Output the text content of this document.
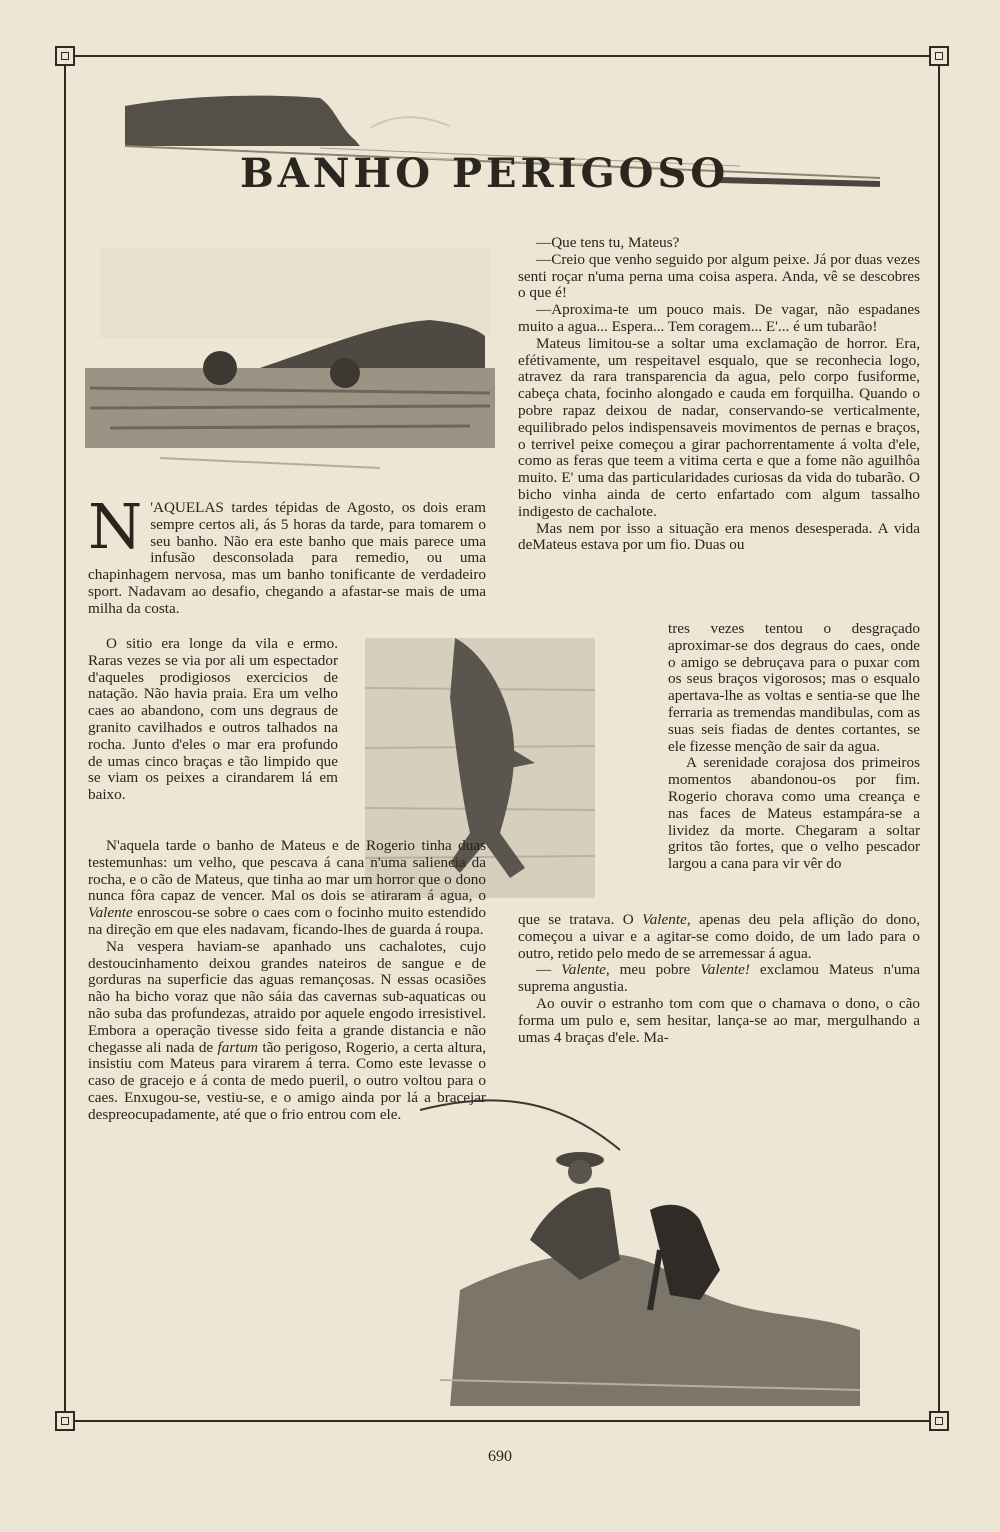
BANHO PERIGOSO

N 'AQUELAS tardes tépidas de Agosto, os dois eram sempre certos ali, ás 5 horas da tarde, para tomarem o seu banho. Não era este banho que mais parece uma infusão desconsolada para remedio, ou uma chapinhagem nervosa, mas um banho tonificante de verdadeiro sport. Nadavam ao desafio, chegando a afastar-se mais de uma milha da costa.

O sitio era longe da vila e ermo. Raras vezes se via por ali um espectador d'aqueles prodigiosos exercicios de natação. Não havia praia. Era um velho caes ao abandono, com uns degraus de granito cavilhados e outros talhados na rocha. Junto d'eles o mar era profundo de umas cinco braças e tão limpido que se viam os peixes a cirandarem lá em baixo.

N'aquela tarde o banho de Mateus e de Rogerio tinha duas testemunhas: um velho, que pescava á cana n'uma saliencia da rocha, e o cão de Mateus, que tinha ao mar um horror que o dono nunca fôra capaz de vencer. Mal os dois se atiraram á agua, o Valente enroscou-se sobre o caes com o focinho muito estendido na direção em que eles nadavam, ficando-lhes de guarda á roupa.

Na vespera haviam-se apanhado uns cachalotes, cujo destoucinhamento deixou grandes nateiros de sangue e de gorduras na superficie das aguas remançosas. N essas ocasiões não ha bicho voraz que não sáia das cavernas sub-aquaticas ou não suba das profundezas, atraido por aquele engodo irresistivel. Embora a operação tivesse sido feita a grande distancia e não chegasse ali nada de fartum tão perigoso, Rogerio, a certa altura, insistiu com Mateus para virarem á terra. Como este levasse o caso de gracejo e á conta de medo pueril, o outro voltou para o caes. Enxugou-se, vestiu-se, e o amigo ainda por lá a bracejar despreocupadamente, até que o frio entrou com ele.

—Que tens tu, Mateus?

—Creio que venho seguido por algum peixe. Já por duas vezes senti roçar n'uma perna uma coisa aspera. Anda, vê se descobres o que é!

—Aproxima-te um pouco mais. De vagar, não espadanes muito a agua... Espera... Tem coragem... E'... é um tubarão!

Mateus limitou-se a soltar uma exclamação de horror. Era, efétivamente, um respeitavel esqualo, que se reconhecia logo, atravez da rara transparencia da agua, pelo corpo fusiforme, cabeça chata, focinho alongado e cauda em forquilha. Quando o pobre rapaz deixou de nadar, conservando-se verticalmente, equilibrado pelos indispensaveis movimentos de pernas e braços, o terrivel peixe começou a girar pachorrentamente á volta d'ele, como as feras que teem a vitima certa e que a fome não aguilhôa muito. E' uma das particularidades curiosas da vida do tubarão. O bicho vinha ainda de certo enfartado com algum tassalho indigesto de cachalote.

Mas nem por isso a situação era menos desesperada. A vida deMateus estava por um fio. Duas ou

tres vezes tentou o desgraçado aproximar-se dos degraus do caes, onde o amigo se debruçava para o puxar com os seus braços vigorosos; mas o esqualo apertava-lhe as voltas e sentia-se que lhe ferraria as tremendas mandibulas, com as suas seis fiadas de dentes cortantes, se ele fizesse menção de sair da agua.

A serenidade corajosa dos primeiros momentos abandonou-os por fim. Rogerio chorava como uma creança e nas faces de Mateus estampára-se a lividez da morte. Chegaram a soltar gritos tão fortes, que o velho pescador largou a cana para vir vêr do

que se tratava. O Valente, apenas deu pela aflição do dono, começou a uivar e a agitar-se como doido, de um lado para o outro, retido pelo medo de se arremessar á agua.

— Valente, meu pobre Valente! exclamou Mateus n'uma suprema angustia.

Ao ouvir o estranho tom com que o chamava o dono, o cão forma um pulo e, sem hesitar, lança-se ao mar, mergulhando a umas 4 braças d'ele. Ma-

690
